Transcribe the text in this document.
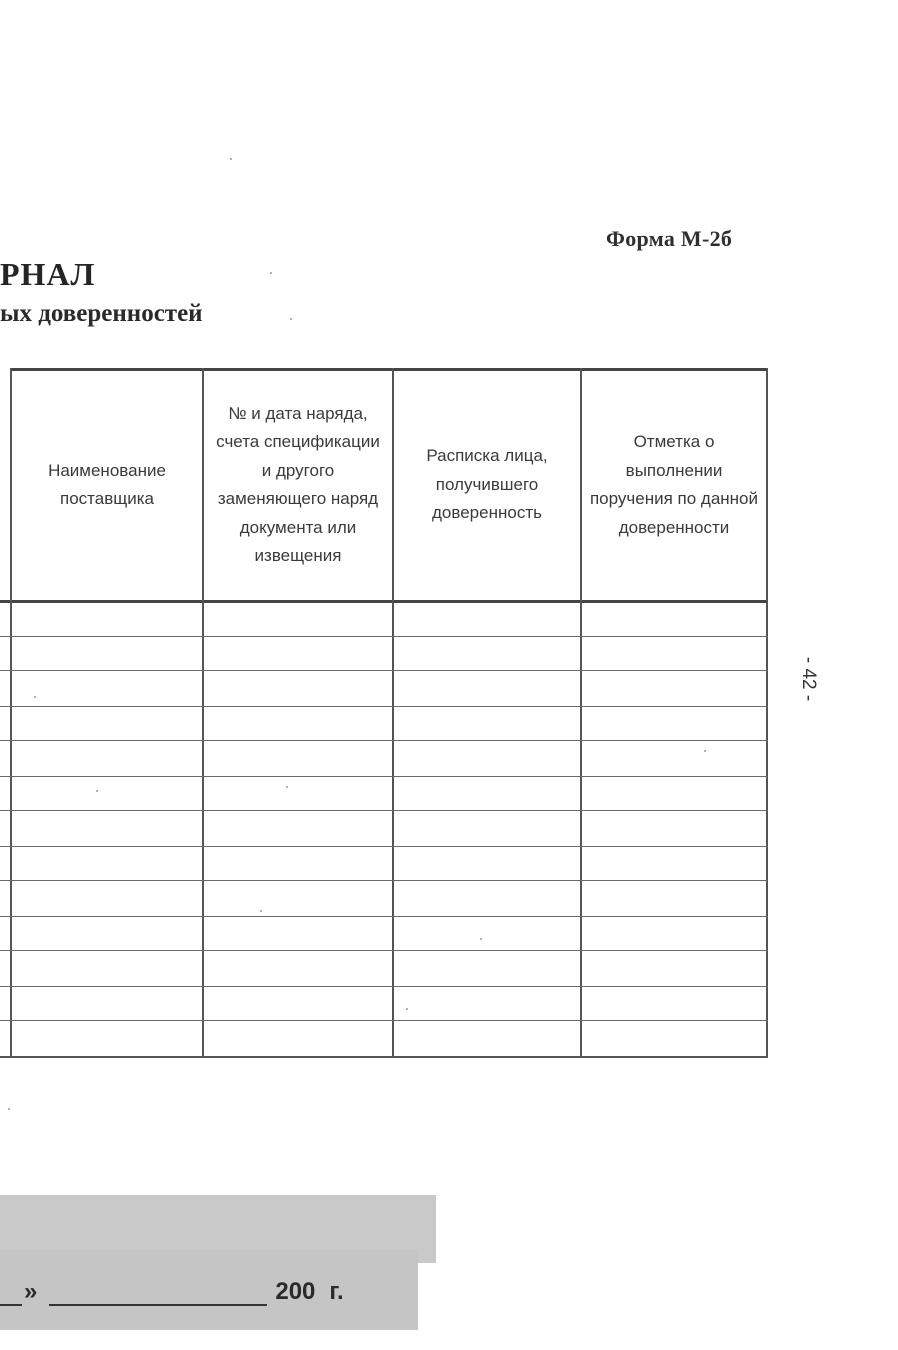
Форма М-2б
РНАЛ
ых доверенностей
Наименование поставщика
№ и дата наряда, счета спецификации и другого заменяющего наряд документа или извещения
Расписка лица, получившего доверенность
Отметка о выполнении поручения по данной доверенности
- 42 -
»	200 г.
